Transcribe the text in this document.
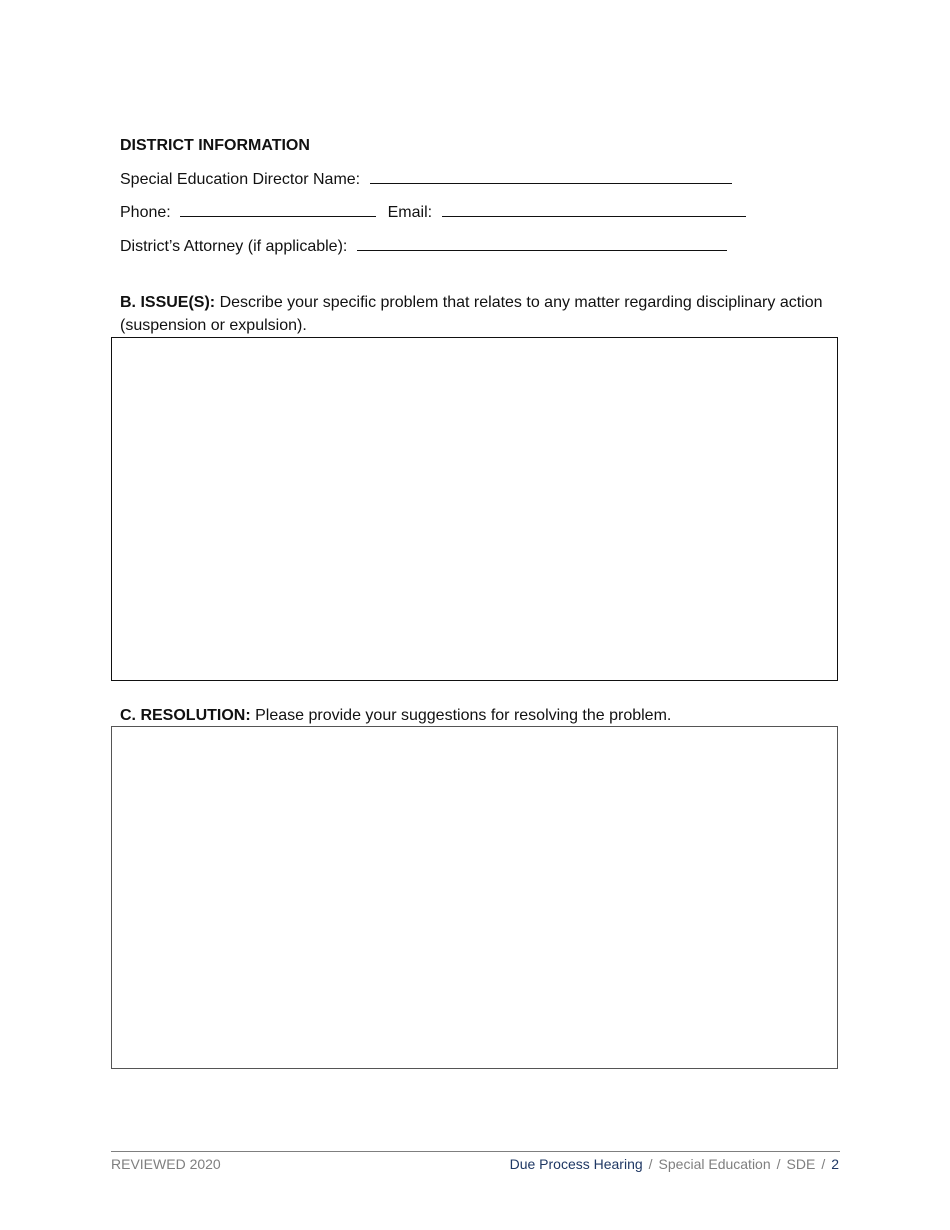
DISTRICT INFORMATION
Special Education Director Name:
Phone:	Email:
District’s Attorney (if applicable):
B. ISSUE(S): Describe your specific problem that relates to any matter regarding disciplinary action (suspension or expulsion).
C. RESOLUTION: Please provide your suggestions for resolving the problem.
REVIEWED 2020	Due Process Hearing / Special Education / SDE / 2
